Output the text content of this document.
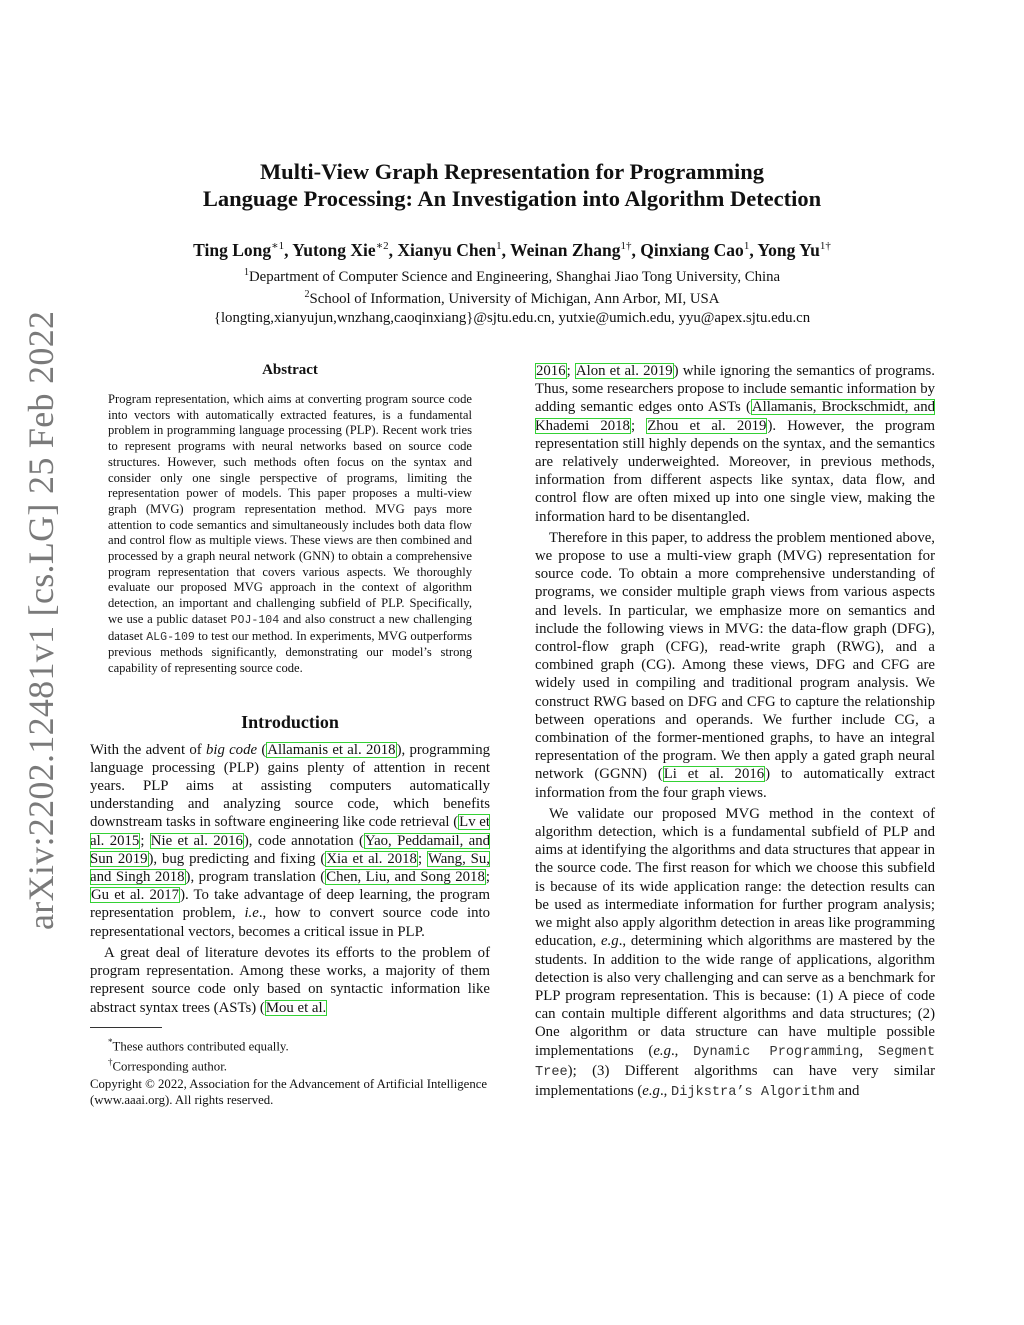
arXiv:2202.12481v1 [cs.LG] 25 Feb 2022
Multi-View Graph Representation for Programming
Language Processing: An Investigation into Algorithm Detection
Ting Long$^{∗1}$, Yutong Xie$^{∗2}$, Xianyu Chen$^1$, Weinan Zhang$^{1\dagger}$, Qinxiang Cao$^1$, Yong $Yu^{1\dagger}$
$^1$Department of Computer Science and Engineering, Shanghai Jiao Tong University, China
$^2$School of Information, University of Michigan, Ann Arbor, MI, USA
{longting,xianyujun,wnzhang,caoqinxiang}@sjtu.edu.cn, yutxie@umich.edu, yyu@apex.sjtu.edu.cn
Abstract

Program representation, which aims at converting program source code into vectors with automatically extracted features, is a fundamental problem in programming language processing (PLP). Recent work tries to represent programs with neural networks based on source code structures. However, such methods often focus on the syntax and consider only one single perspective of programs, limiting the representation power of models. This paper proposes a multi-view graph (MVG) program representation method. MVG pays more attention to code semantics and simultaneously includes both data flow and control flow as multiple views. These views are then combined and processed by a graph neural network (GNN) to obtain a comprehensive program representation that covers various aspects. We thoroughly evaluate our proposed MVG approach in the context of algorithm detection, an important and challenging subfield of PLP. Specifically, we use a public dataset POJ-104 and also construct a new challenging dataset ALG-109 to test our method. In experiments, MVG outperforms previous methods significantly, demonstrating our model’s strong capability of representing source code.

Introduction

With the advent of big code (Allamanis et al. 2018), programming language processing (PLP) gains plenty of attention in recent years. PLP aims at assisting computers automatically understanding and analyzing source code, which benefits downstream tasks in software engineering like code retrieval (Lv et al. 2015; Nie et al. 2016), code annotation (Yao, Peddamail, and Sun 2019), bug predicting and fixing (Xia et al. 2018; Wang, Su, and Singh 2018), program translation (Chen, Liu, and Song 2018; Gu et al. 2017). To take advantage of deep learning, the program representation problem, i.e., how to convert source code into representational vectors, becomes a critical issue in PLP.

A great deal of literature devotes its efforts to the problem of program representation. Among these works, a majority of them represent source code only based on syntactic information like abstract syntax trees (ASTs) (Mou et al.

*These authors contributed equally.

†Corresponding author.

Copyright © 2022, Association for the Advancement of Artificial Intelligence (www.aaai.org). All rights reserved.

2016; Alon et al. 2019) while ignoring the semantics of programs. Thus, some researchers propose to include semantic information by adding semantic edges onto ASTs (Allamanis, Brockschmidt, and Khademi 2018; Zhou et al. 2019). However, the program representation still highly depends on the syntax, and the semantics are relatively underweighted. Moreover, in previous methods, information from different aspects like syntax, data flow, and control flow are often mixed up into one single view, making the information hard to be disentangled.

Therefore in this paper, to address the problem mentioned above, we propose to use a multi-view graph (MVG) representation for source code. To obtain a more comprehensive understanding of programs, we consider multiple graph views from various aspects and levels. In particular, we emphasize more on semantics and include the following views in MVG: the data-flow graph (DFG), control-flow graph (CFG), read-write graph (RWG), and a combined graph (CG). Among these views, DFG and CFG are widely used in compiling and traditional program analysis. We construct RWG based on DFG and CFG to capture the relationship between operations and operands. We further include CG, a combination of the former-mentioned graphs, to have an integral representation of the program. We then apply a gated graph neural network (GGNN) (Li et al. 2016) to automatically extract information from the four graph views.

We validate our proposed MVG method in the context of algorithm detection, which is a fundamental subfield of PLP and aims at identifying the algorithms and data structures that appear in the source code. The first reason for which we choose this subfield is because of its wide application range: the detection results can be used as intermediate information for further program analysis; we might also apply algorithm detection in areas like programming education, e.g., determining which algorithms are mastered by the students. In addition to the wide range of applications, algorithm detection is also very challenging and can serve as a benchmark for PLP program representation. This is because: (1) A piece of code can contain multiple different algorithms and data structures; (2) One algorithm or data structure can have multiple possible implementations (e.g., Dynamic Programming, Segment Tree); (3) Different algorithms can have very similar implementations (e.g., Dijkstra’s Algorithm and
